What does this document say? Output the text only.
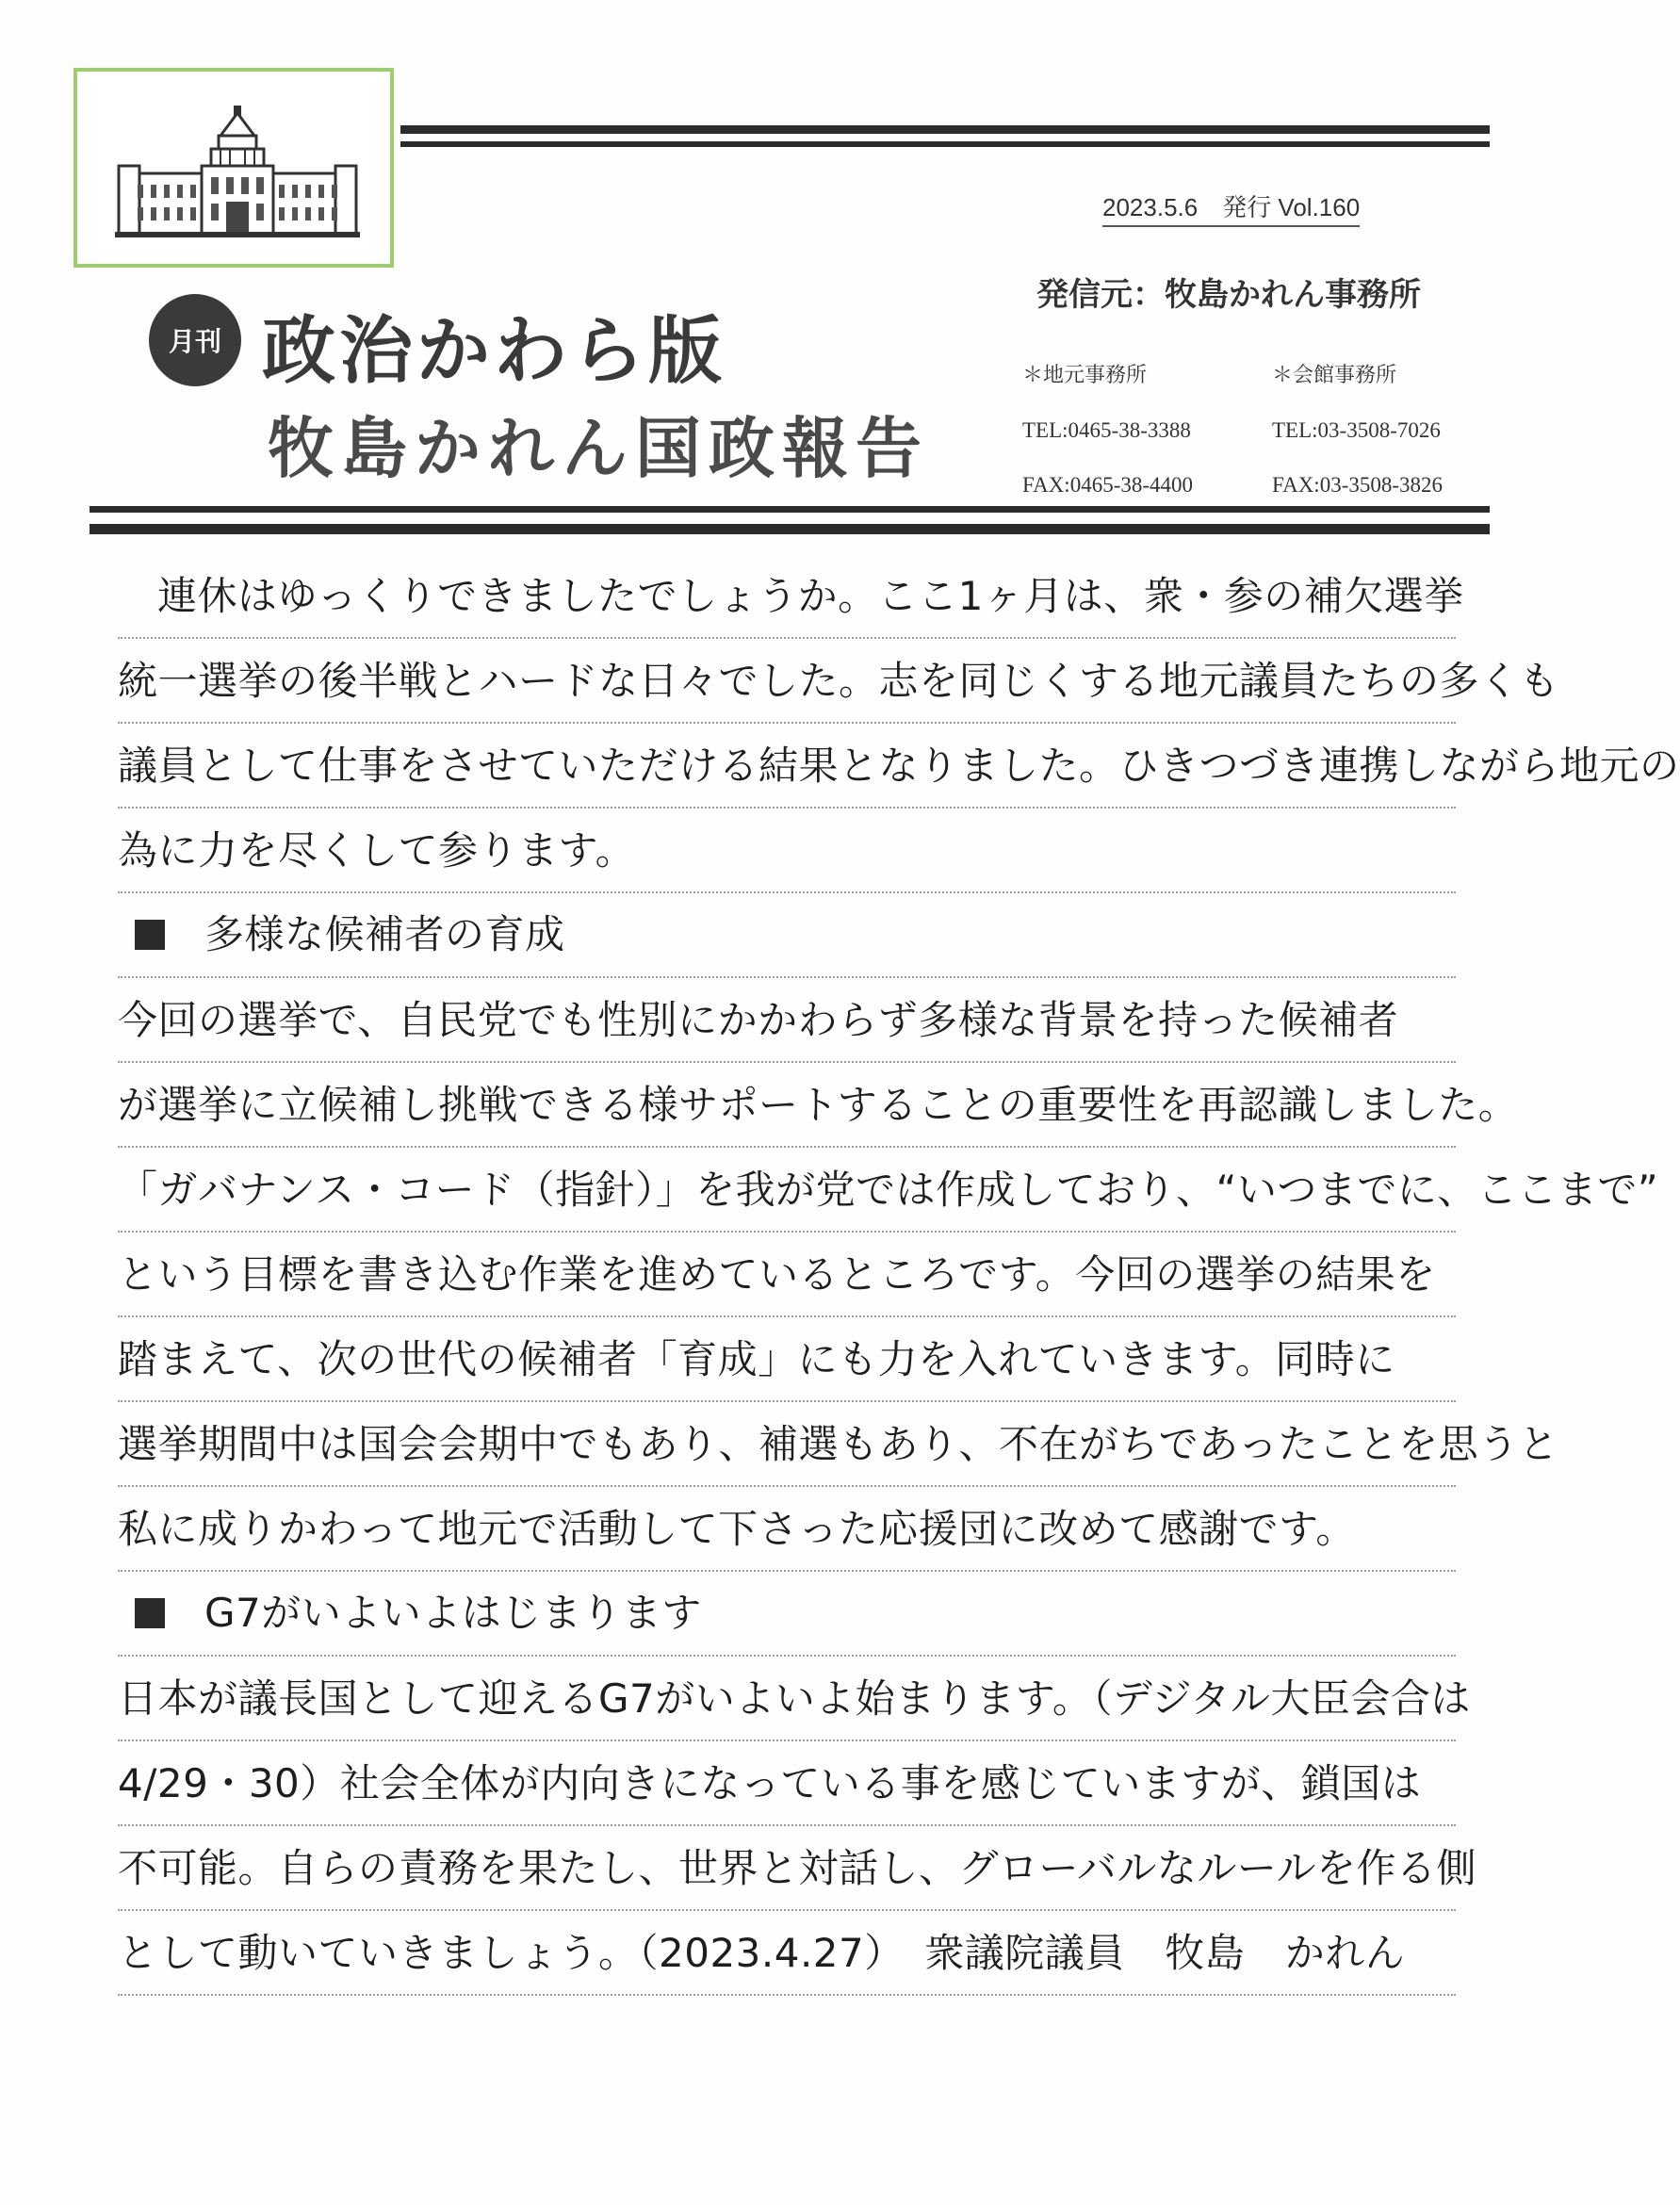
2023.5.6　発行 Vol.160
発信元：牧島かれん事務所
月刊 政治かわら版
牧島かれん国政報告
＊地元事務所
TEL:0465-38-3388
FAX:0465-38-4400
＊会館事務所
TEL:03-3508-7026
FAX:03-3508-3826
連休はゆっくりできましたでしょうか。ここ1ヶ月は、衆・参の補欠選挙
統一選挙の後半戦とハードな日々でした。志を同じくする地元議員たちの多くも
議員として仕事をさせていただける結果となりました。ひきつづき連携しながら地元の
為に力を尽くして参ります。
多様な候補者の育成
今回の選挙で、自民党でも性別にかかわらず多様な背景を持った候補者
が選挙に立候補し挑戦できる様サポートすることの重要性を再認識しました。
「ガバナンス・コード（指針）」を我が党では作成しており、“いつまでに、ここまで”
という目標を書き込む作業を進めているところです。今回の選挙の結果を
踏まえて、次の世代の候補者「育成」にも力を入れていきます。同時に
選挙期間中は国会会期中でもあり、補選もあり、不在がちであったことを思うと
私に成りかわって地元で活動して下さった応援団に改めて感謝です。
G7がいよいよはじまります
日本が議長国として迎えるG7がいよいよ始まります。（デジタル大臣会合は
4/29・30）社会全体が内向きになっている事を感じていますが、鎖国は
不可能。自らの責務を果たし、世界と対話し、グローバルなルールを作る側
として動いていきましょう。（2023.4.27）　衆議院議員　牧島　かれん
